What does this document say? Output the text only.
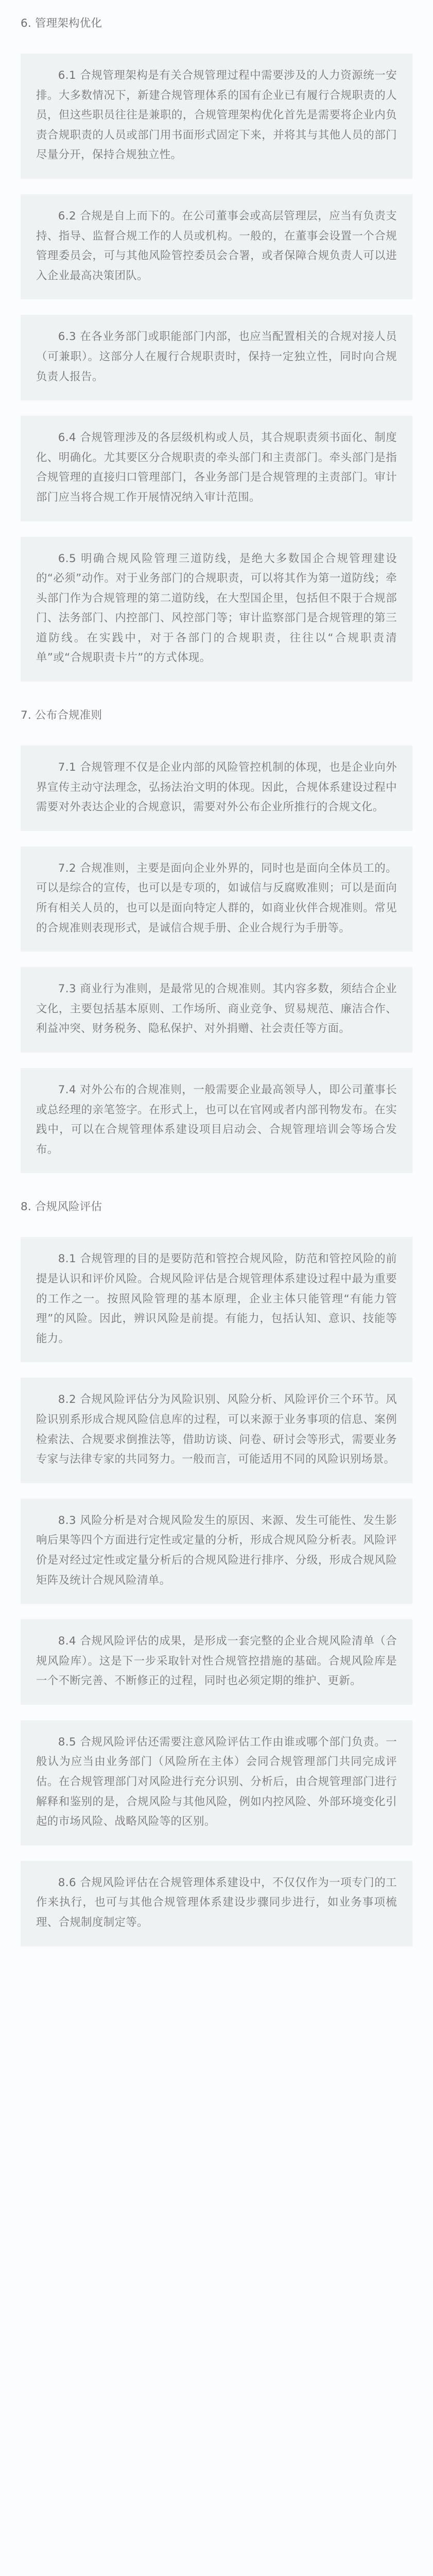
6. 管理架构优化

6.1 合规管理架构是有关合规管理过程中需要涉及的人力资源统一安排。大多数情况下，新建合规管理体系的国有企业已有履行合规职责的人员，但这些职员往往是兼职的，合规管理架构优化首先是需要将企业内负责合规职责的人员或部门用书面形式固定下来，并将其与其他人员的部门尽量分开，保持合规独立性。

6.2 合规是自上而下的。在公司董事会或高层管理层，应当有负责支持、指导、监督合规工作的人员或机构。一般的，在董事会设置一个合规管理委员会，可与其他风险管控委员会合署，或者保障合规负责人可以进入企业最高决策团队。

6.3 在各业务部门或职能部门内部，也应当配置相关的合规对接人员（可兼职）。这部分人在履行合规职责时，保持一定独立性，同时向合规负责人报告。

6.4 合规管理涉及的各层级机构或人员，其合规职责须书面化、制度化、明确化。尤其要区分合规职责的牵头部门和主责部门。牵头部门是指合规管理的直接归口管理部门，各业务部门是合规管理的主责部门。审计部门应当将合规工作开展情况纳入审计范围。

6.5 明确合规风险管理三道防线，是绝大多数国企合规管理建设的“必须”动作。对于业务部门的合规职责，可以将其作为第一道防线；牵头部门作为合规管理的第二道防线，在大型国企里，包括但不限于合规部门、法务部门、内控部门、风控部门等；审计监察部门是合规管理的第三道防线。在实践中，对于各部门的合规职责，往往以“合规职责清单”或“合规职责卡片”的方式体现。

7. 公布合规准则

7.1 合规管理不仅是企业内部的风险管控机制的体现，也是企业向外界宣传主动守法理念，弘扬法治文明的体现。因此，合规体系建设过程中需要对外表达企业的合规意识，需要对外公布企业所推行的合规文化。

7.2 合规准则，主要是面向企业外界的，同时也是面向全体员工的。可以是综合的宣传，也可以是专项的，如诚信与反腐败准则；可以是面向所有相关人员的，也可以是面向特定人群的，如商业伙伴合规准则。常见的合规准则表现形式，是诚信合规手册、企业合规行为手册等。

7.3 商业行为准则，是最常见的合规准则。其内容多数，须结合企业文化，主要包括基本原则、工作场所、商业竞争、贸易规范、廉洁合作、利益冲突、财务税务、隐私保护、对外捐赠、社会责任等方面。

7.4 对外公布的合规准则，一般需要企业最高领导人，即公司董事长或总经理的亲笔签字。在形式上，也可以在官网或者内部刊物发布。在实践中，可以在合规管理体系建设项目启动会、合规管理培训会等场合发布。

8. 合规风险评估

8.1 合规管理的目的是要防范和管控合规风险，防范和管控风险的前提是认识和评价风险。合规风险评估是合规管理体系建设过程中最为重要的工作之一。按照风险管理的基本原理，企业主体只能管理“有能力管理”的风险。因此，辨识风险是前提。有能力，包括认知、意识、技能等能力。

8.2 合规风险评估分为风险识别、风险分析、风险评价三个环节。风险识别系形成合规风险信息库的过程，可以来源于业务事项的信息、案例检索法、合规要求倒推法等，借助访谈、问卷、研讨会等形式，需要业务专家与法律专家的共同努力。一般而言，可能适用不同的风险识别场景。

8.3 风险分析是对合规风险发生的原因、来源、发生可能性、发生影响后果等四个方面进行定性或定量的分析，形成合规风险分析表。风险评价是对经过定性或定量分析后的合规风险进行排序、分级，形成合规风险矩阵及统计合规风险清单。

8.4 合规风险评估的成果，是形成一套完整的企业合规风险清单（合规风险库）。这是下一步采取针对性合规管控措施的基础。合规风险库是一个不断完善、不断修正的过程，同时也必须定期的维护、更新。

8.5 合规风险评估还需要注意风险评估工作由谁或哪个部门负责。一般认为应当由业务部门（风险所在主体）会同合规管理部门共同完成评估。在合规管理部门对风险进行充分识别、分析后，由合规管理部门进行解释和鉴别的是，合规风险与其他风险，例如内控风险、外部环境变化引起的市场风险、战略风险等的区别。

8.6 合规风险评估在合规管理体系建设中，不仅仅作为一项专门的工作来执行，也可与其他合规管理体系建设步骤同步进行，如业务事项梳理、合规制度制定等。
